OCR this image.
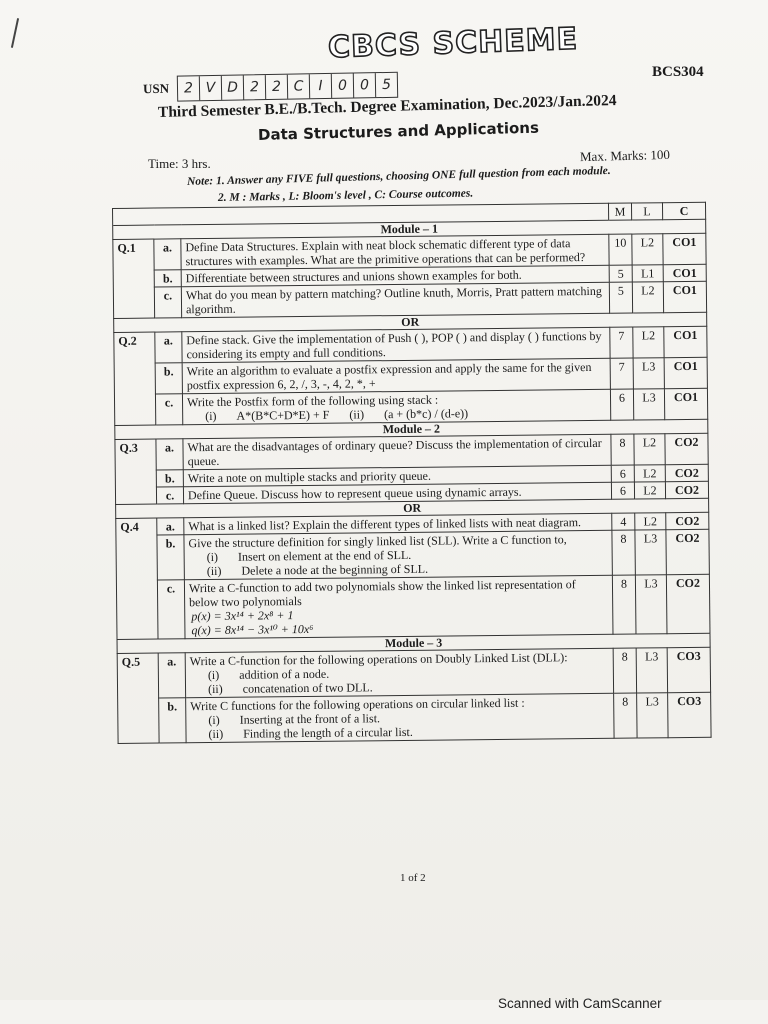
CBCS SCHEME
BCS304
USN	2 V D 2 2 C	I	0 0 5
Third Semester B.E./B.Tech. Degree Examination, Dec.2023/Jan.2024
Data Structures and Applications
Time: 3 hrs.	Max. Marks: 100
Note: 1. Answer any FIVE full questions, choosing ONE full question from each module.
2. M : Marks , L: Bloom's level , C: Course outcomes.
			M	L	C
Module – 1					
Q.1	a.	Define Data Structures. Explain with neat block schematic different type of data structures with examples. What are the primitive operations that can be performed?	10	L2	CO1
	b.	Differentiate between structures and unions shown examples for both.	5	L1	CO1
	c.	What do you mean by pattern matching? Outline knuth, Morris, Pratt pattern matching algorithm.	5	L2	CO1
OR					
Q.2	a.	Define stack. Give the implementation of Push ( ), POP ( ) and display ( ) functions by considering its empty and full conditions.	7	L2	CO1
	b.	Write an algorithm to evaluate a postfix expression and apply the same for the given postfix expression 6, 2, /, 3, -, 4, 2, *, +	7	L3	CO1
	c.	Write the Postfix form of the following using stack :
(i) A*(B*C+D*E) + F (ii) (a + (b*c) / (d-e))	6	L3	CO1
Module – 2					
Q.3	a.	What are the disadvantages of ordinary queue? Discuss the implementation of circular queue.	8	L2	CO2
	b.	Write a note on multiple stacks and priority queue.	6	L2	CO2
	c.	Define Queue. Discuss how to represent queue using dynamic arrays.	6	L2	CO2
OR					
Q.4	a.	What is a linked list? Explain the different types of linked lists with neat diagram.	4	L2	CO2
	b.	Give the structure definition for singly linked list (SLL). Write a C function to,
(i) Insert on element at the end of SLL.
(ii) Delete a node at the beginning of SLL.	8	L3	CO2
	c.	Write a C-function to add two polynomials show the linked list representation of below two polynomials
p(x) = 3x¹⁴ + 2x⁸ + 1
q(x) = 8x¹⁴ − 3x¹⁰ + 10x⁶	8	L3	CO2
Module – 3					
Q.5	a.	Write a C-function for the following operations on Doubly Linked List (DLL):
(i) addition of a node.
(ii) concatenation of two DLL.	8	L3	CO3
	b.	Write C functions for the following operations on circular linked list :
(i) Inserting at the front of a list.
(ii) Finding the length of a circular list.	8	L3	CO3
1 of 2
Scanned with CamScanner
